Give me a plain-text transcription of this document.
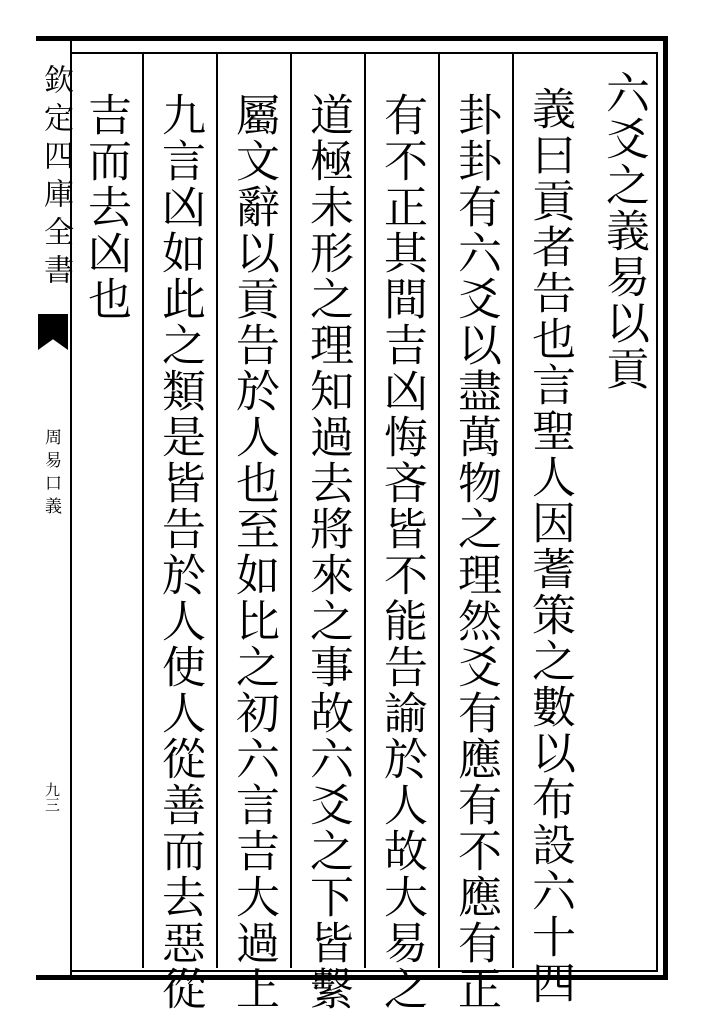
欽定四庫全書
周易口義
九三
六爻之義易以貢
義曰貢者告也言聖人因蓍策之數以布設六十四
卦卦有六爻以盡萬物之理然爻有應有不應有正
有不正其間吉凶悔吝皆不能告諭於人故大易之
道極未形之理知過去將來之事故六爻之下皆繫
屬文辭以貢告於人也至如比之初六言吉大過上
九言凶如此之類是皆告於人使人從善而去惡從
吉而去凶也
